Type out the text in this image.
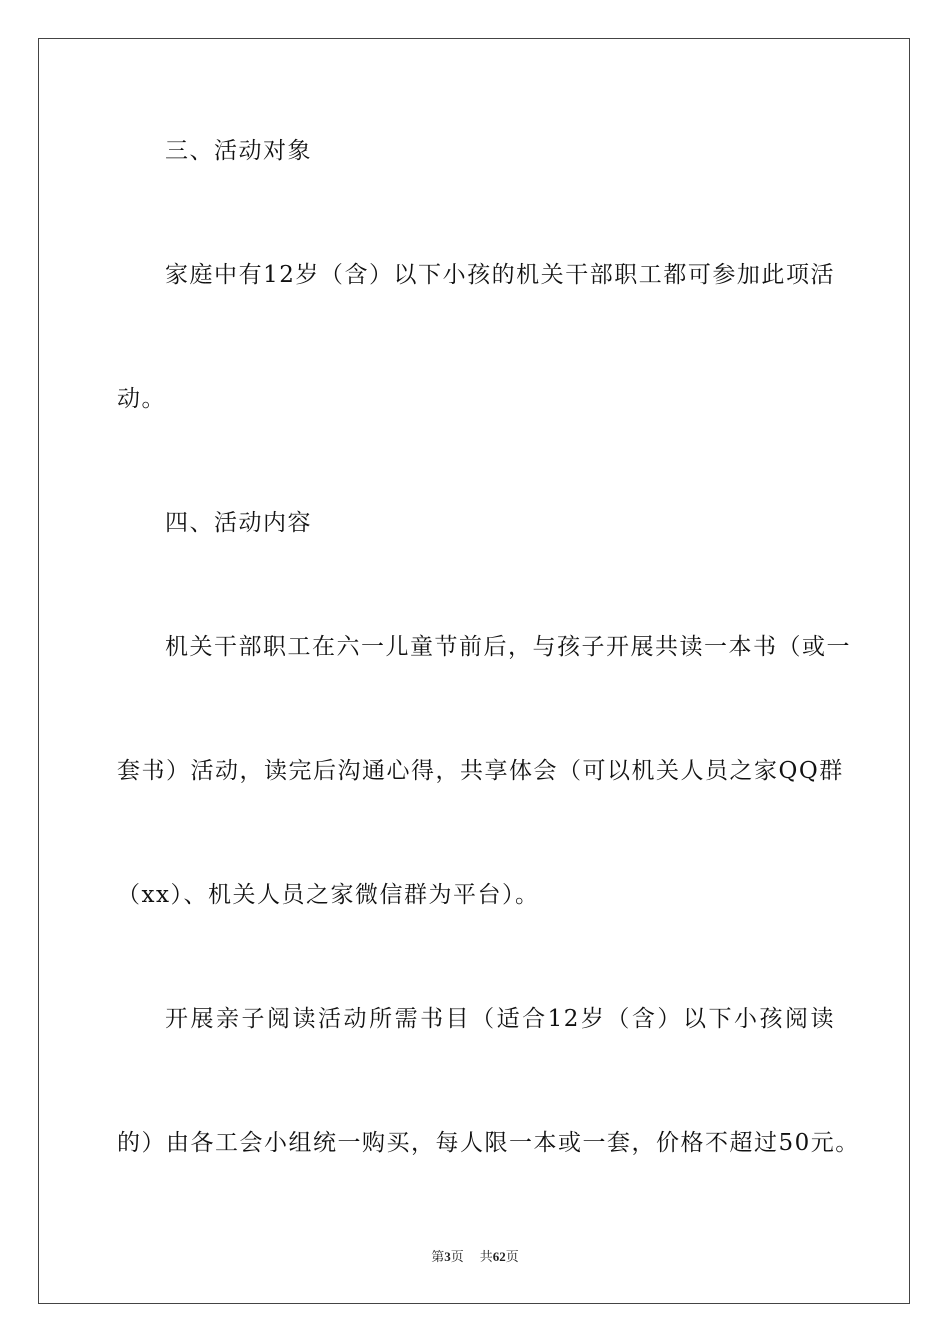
三、活动对象
家庭中有12岁（含）以下小孩的机关干部职工都可参加此项活
动。
四、活动内容
机关干部职工在六一儿童节前后，与孩子开展共读一本书（或一
套书）活动，读完后沟通心得，共享体会（可以机关人员之家QQ群
（xx）、机关人员之家微信群为平台）。
开展亲子阅读活动所需书目（适合12岁（含）以下小孩阅读
的）由各工会小组统一购买，每人限一本或一套，价格不超过50元。
第3页 共62页
